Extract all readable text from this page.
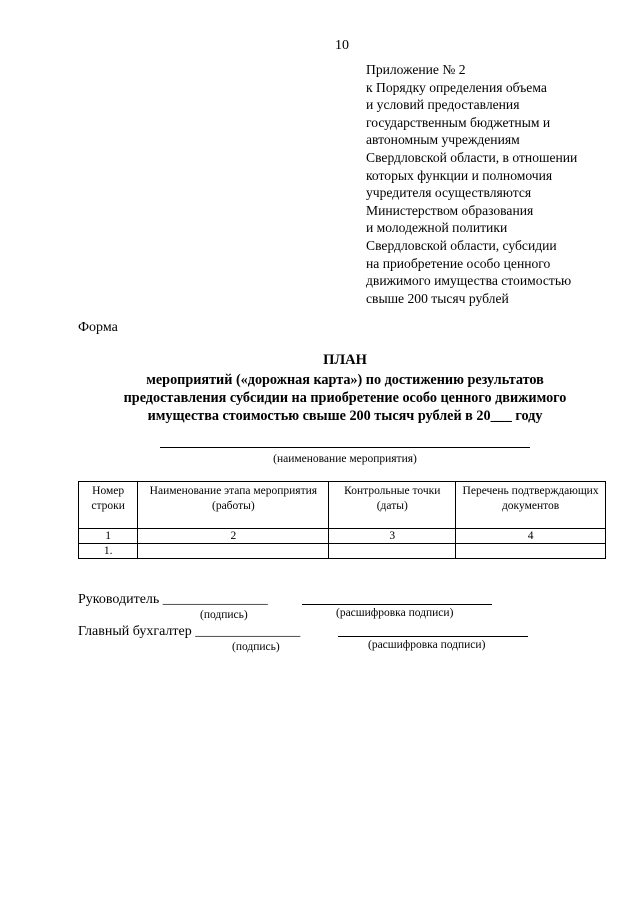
10
Приложение № 2
к Порядку определения объема
и условий предоставления
государственным бюджетным и
автономным учреждениям
Свердловской области, в отношении
которых функции и полномочия
учредителя осуществляются
Министерством образования
и молодежной политики
Свердловской области, субсидии
на приобретение особо ценного
движимого имущества стоимостью
свыше 200 тысяч рублей
Форма
ПЛАН
мероприятий («дорожная карта») по достижению результатов
предоставления субсидии на приобретение особо ценного движимого
имущества стоимостью свыше 200 тысяч рублей в 20___ году
(наименование мероприятия)
Номер строки	Наименование этапа мероприятия (работы)	Контрольные точки (даты)	Перечень подтверждающих документов
1	2	3	4
1.			
Руководитель _______________
(подпись)	(расшифровка подписи)
Главный бухгалтер _______________
(подпись)	(расшифровка подписи)
